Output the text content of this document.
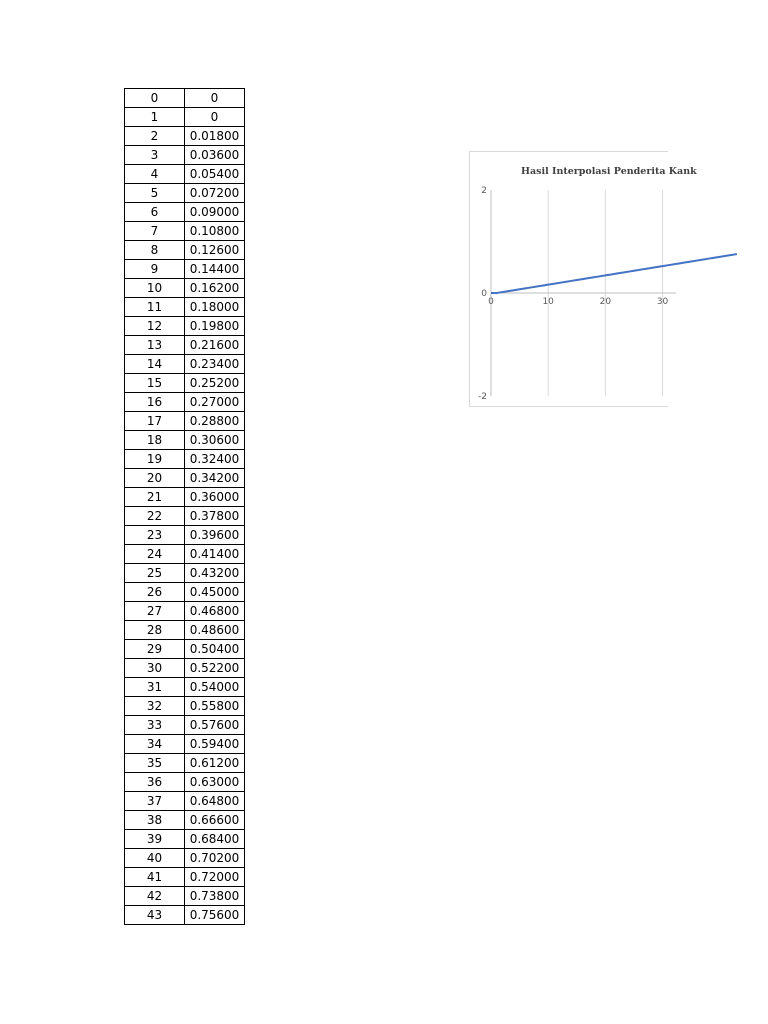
0	0
1	0
2	0.01800
3	0.03600
4	0.05400
5	0.07200
6	0.09000
7	0.10800
8	0.12600
9	0.14400
10	0.16200
11	0.18000
12	0.19800
13	0.21600
14	0.23400
15	0.25200
16	0.27000
17	0.28800
18	0.30600
19	0.32400
20	0.34200
21	0.36000
22	0.37800
23	0.39600
24	0.41400
25	0.43200
26	0.45000
27	0.46800
28	0.48600
29	0.50400
30	0.52200
31	0.54000
32	0.55800
33	0.57600
34	0.59400
35	0.61200
36	0.63000
37	0.64800
38	0.66600
39	0.68400
40	0.70200
41	0.72000
42	0.73800
43	0.75600
Hasil Interpolasi Penderita Kank
0	10	20	30
2
0
-2
